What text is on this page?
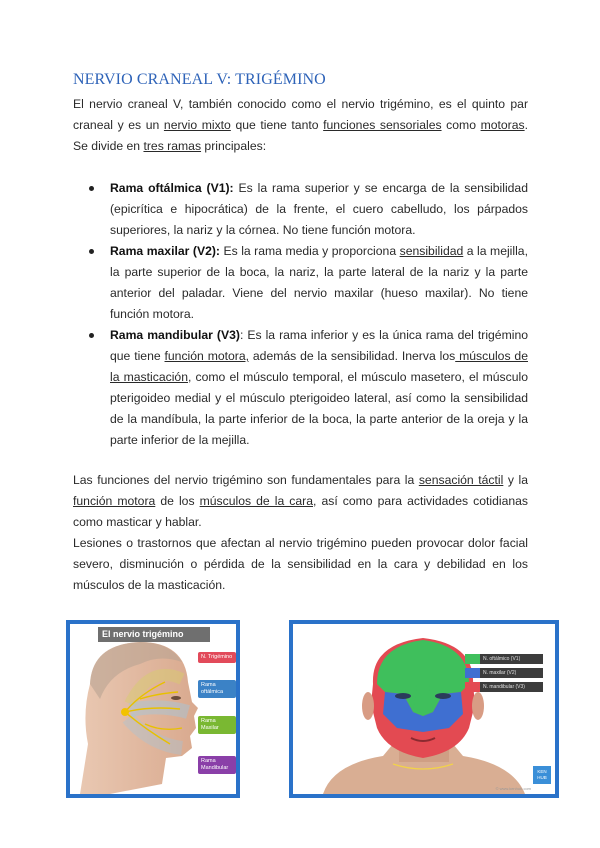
NERVIO CRANEAL V: TRIGÉMINO

El nervio craneal V, también conocido como el nervio trigémino, es el quinto par craneal y es un nervio mixto que tiene tanto funciones sensoriales como motoras. Se divide en tres ramas principales:

Rama oftálmica (V1): Es la rama superior y se encarga de la sensibilidad (epicrítica e hipocrática) de la frente, el cuero cabelludo, los párpados superiores, la nariz y la córnea. No tiene función motora.
Rama maxilar (V2): Es la rama media y proporciona sensibilidad a la mejilla, la parte superior de la boca, la nariz, la parte lateral de la nariz y la parte anterior del paladar. Viene del nervio maxilar (hueso maxilar). No tiene función motora.
Rama mandibular (V3): Es la rama inferior y es la única rama del trigémino que tiene función motora, además de la sensibilidad. Inerva los músculos de la masticación, como el músculo temporal, el músculo masetero, el músculo pterigoideo medial y el músculo pterigoideo lateral, así como la sensibilidad de la mandíbula, la parte inferior de la boca, la parte anterior de la oreja y la parte inferior de la mejilla.

Las funciones del nervio trigémino son fundamentales para la sensación táctil y la función motora de los músculos de la cara, así como para actividades cotidianas como masticar y hablar.

Lesiones o trastornos que afectan al nervio trigémino pueden provocar dolor facial severo, disminución o pérdida de la sensibilidad en la cara y debilidad en los músculos de la masticación.

El nervio trigémino
N. Trigémino
Rama oftálmica
Rama Maxilar
Rama Mandibular
N. oftálmico (V1)
N. maxilar (V2)
N. mandibular (V3)
KEN HUB
© www.kenhub.com
